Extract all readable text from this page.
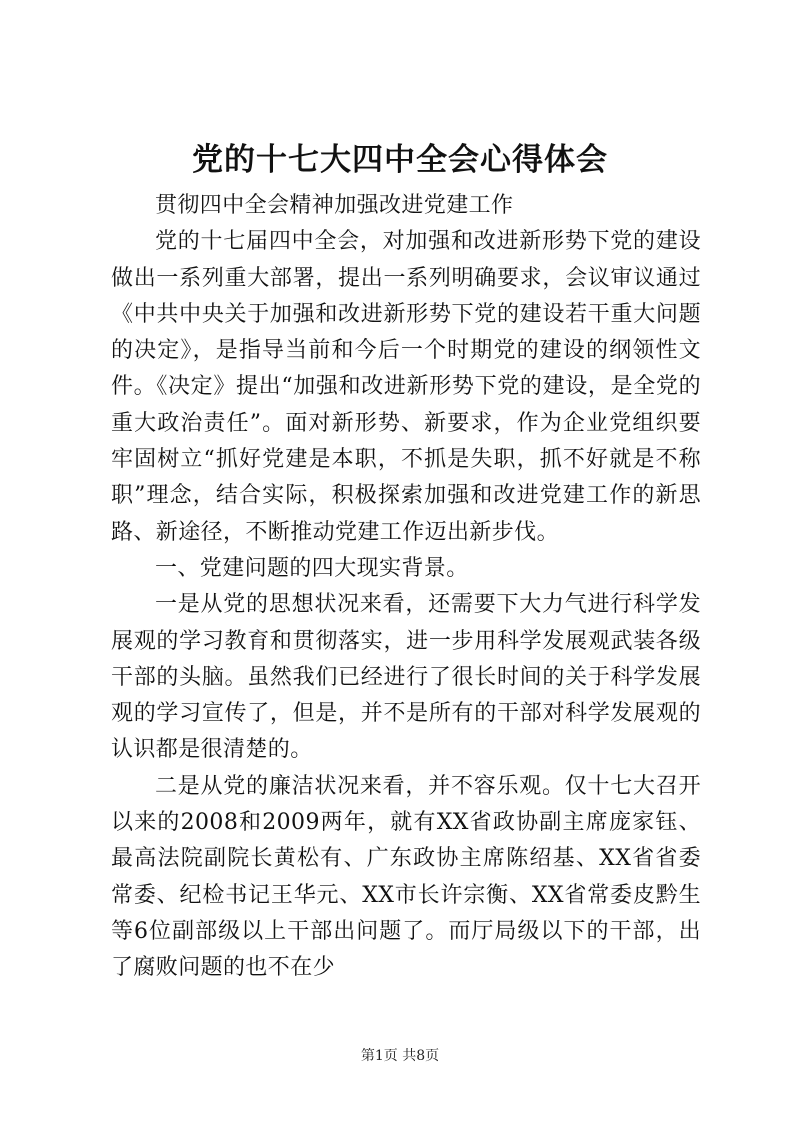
党的十七大四中全会心得体会

贯彻四中全会精神加强改进党建工作

党的十七届四中全会，对加强和改进新形势下党的建设做出一系列重大部署，提出一系列明确要求，会议审议通过《中共中央关于加强和改进新形势下党的建设若干重大问题的决定》，是指导当前和今后一个时期党的建设的纲领性文件。《决定》提出“加强和改进新形势下党的建设，是全党的重大政治责任”。面对新形势、新要求，作为企业党组织要牢固树立“抓好党建是本职，不抓是失职，抓不好就是不称职”理念，结合实际，积极探索加强和改进党建工作的新思路、新途径，不断推动党建工作迈出新步伐。

一、党建问题的四大现实背景。

一是从党的思想状况来看，还需要下大力气进行科学发展观的学习教育和贯彻落实，进一步用科学发展观武装各级干部的头脑。虽然我们已经进行了很长时间的关于科学发展观的学习宣传了，但是，并不是所有的干部对科学发展观的认识都是很清楚的。

二是从党的廉洁状况来看，并不容乐观。仅十七大召开以来的2008和2009两年，就有XX省政协副主席庞家钰、最高法院副院长黄松有、广东政协主席陈绍基、XX省省委常委、纪检书记王华元、XX市长许宗衡、XX省常委皮黔生等6位副部级以上干部出问题了。而厅局级以下的干部，出了腐败问题的也不在少

第1页 共8页
